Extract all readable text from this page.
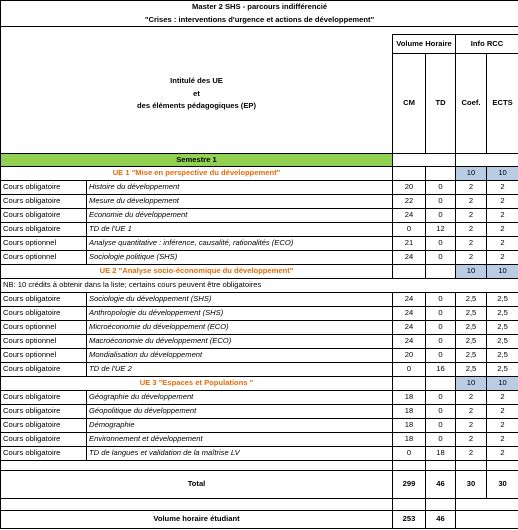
Master 2 SHS - parcours indifférencié					
"Crises : interventions d'urgence et actions de développement"					

Intitulé des UE
et
des éléments pédagogiques (EP)		Volume Horaire		Info RCC	
		CM	TD	Coef.	ECTS
Semestre 1					
UE 1 "Mise en perspective du développement"				10	10
Cours obligatoire	Histoire du développement	20	0	2	2
Cours obligatoire	Mesure du développement	22	0	2	2
Cours obligatoire	Economie du développement	24	0	2	2
Cours obligatoire	TD de l'UE 1	0	12	2	2
Cours optionnel	Analyse quantitative : inférence, causalité, rationalités (ECO)	21	0	2	2
Cours optionnel	Sociologie politique (SHS)	24	0	2	2
UE 2 "Analyse socio-économique du développement"				10	10
NB: 10 crédits à obtenir dans la liste; certains cours peuvent être obligatoires					
Cours obligatoire	Sociologie du développement (SHS)	24	0	2,5	2,5
Cours obligatoire	Anthropologie du développement (SHS)	24	0	2,5	2,5
Cours optionnel	Microéconomie du développement (ECO)	24	0	2,5	2,5
Cours optionnel	Macroéconomie du développement (ECO)	24	0	2,5	2,5
Cours optionnel	Mondialisation du développement	20	0	2,5	2,5
Cours obligatoire	TD de l'UE 2	0	16	2,5	2,5
UE 3 "Espaces et Populations "				10	10
Cours obligatoire	Géographie du développement	18	0	2	2
Cours obligatoire	Géopolitique du développement	18	0	2	2
Cours obligatoire	Démographie	18	0	2	2
Cours obligatoire	Environnement et développement	18	0	2	2
Cours obligatoire	TD de langues et validation de la maîtrise LV	0	18	2	2

Total		299	46	30	30

Volume horaire étudiant		253	46		
